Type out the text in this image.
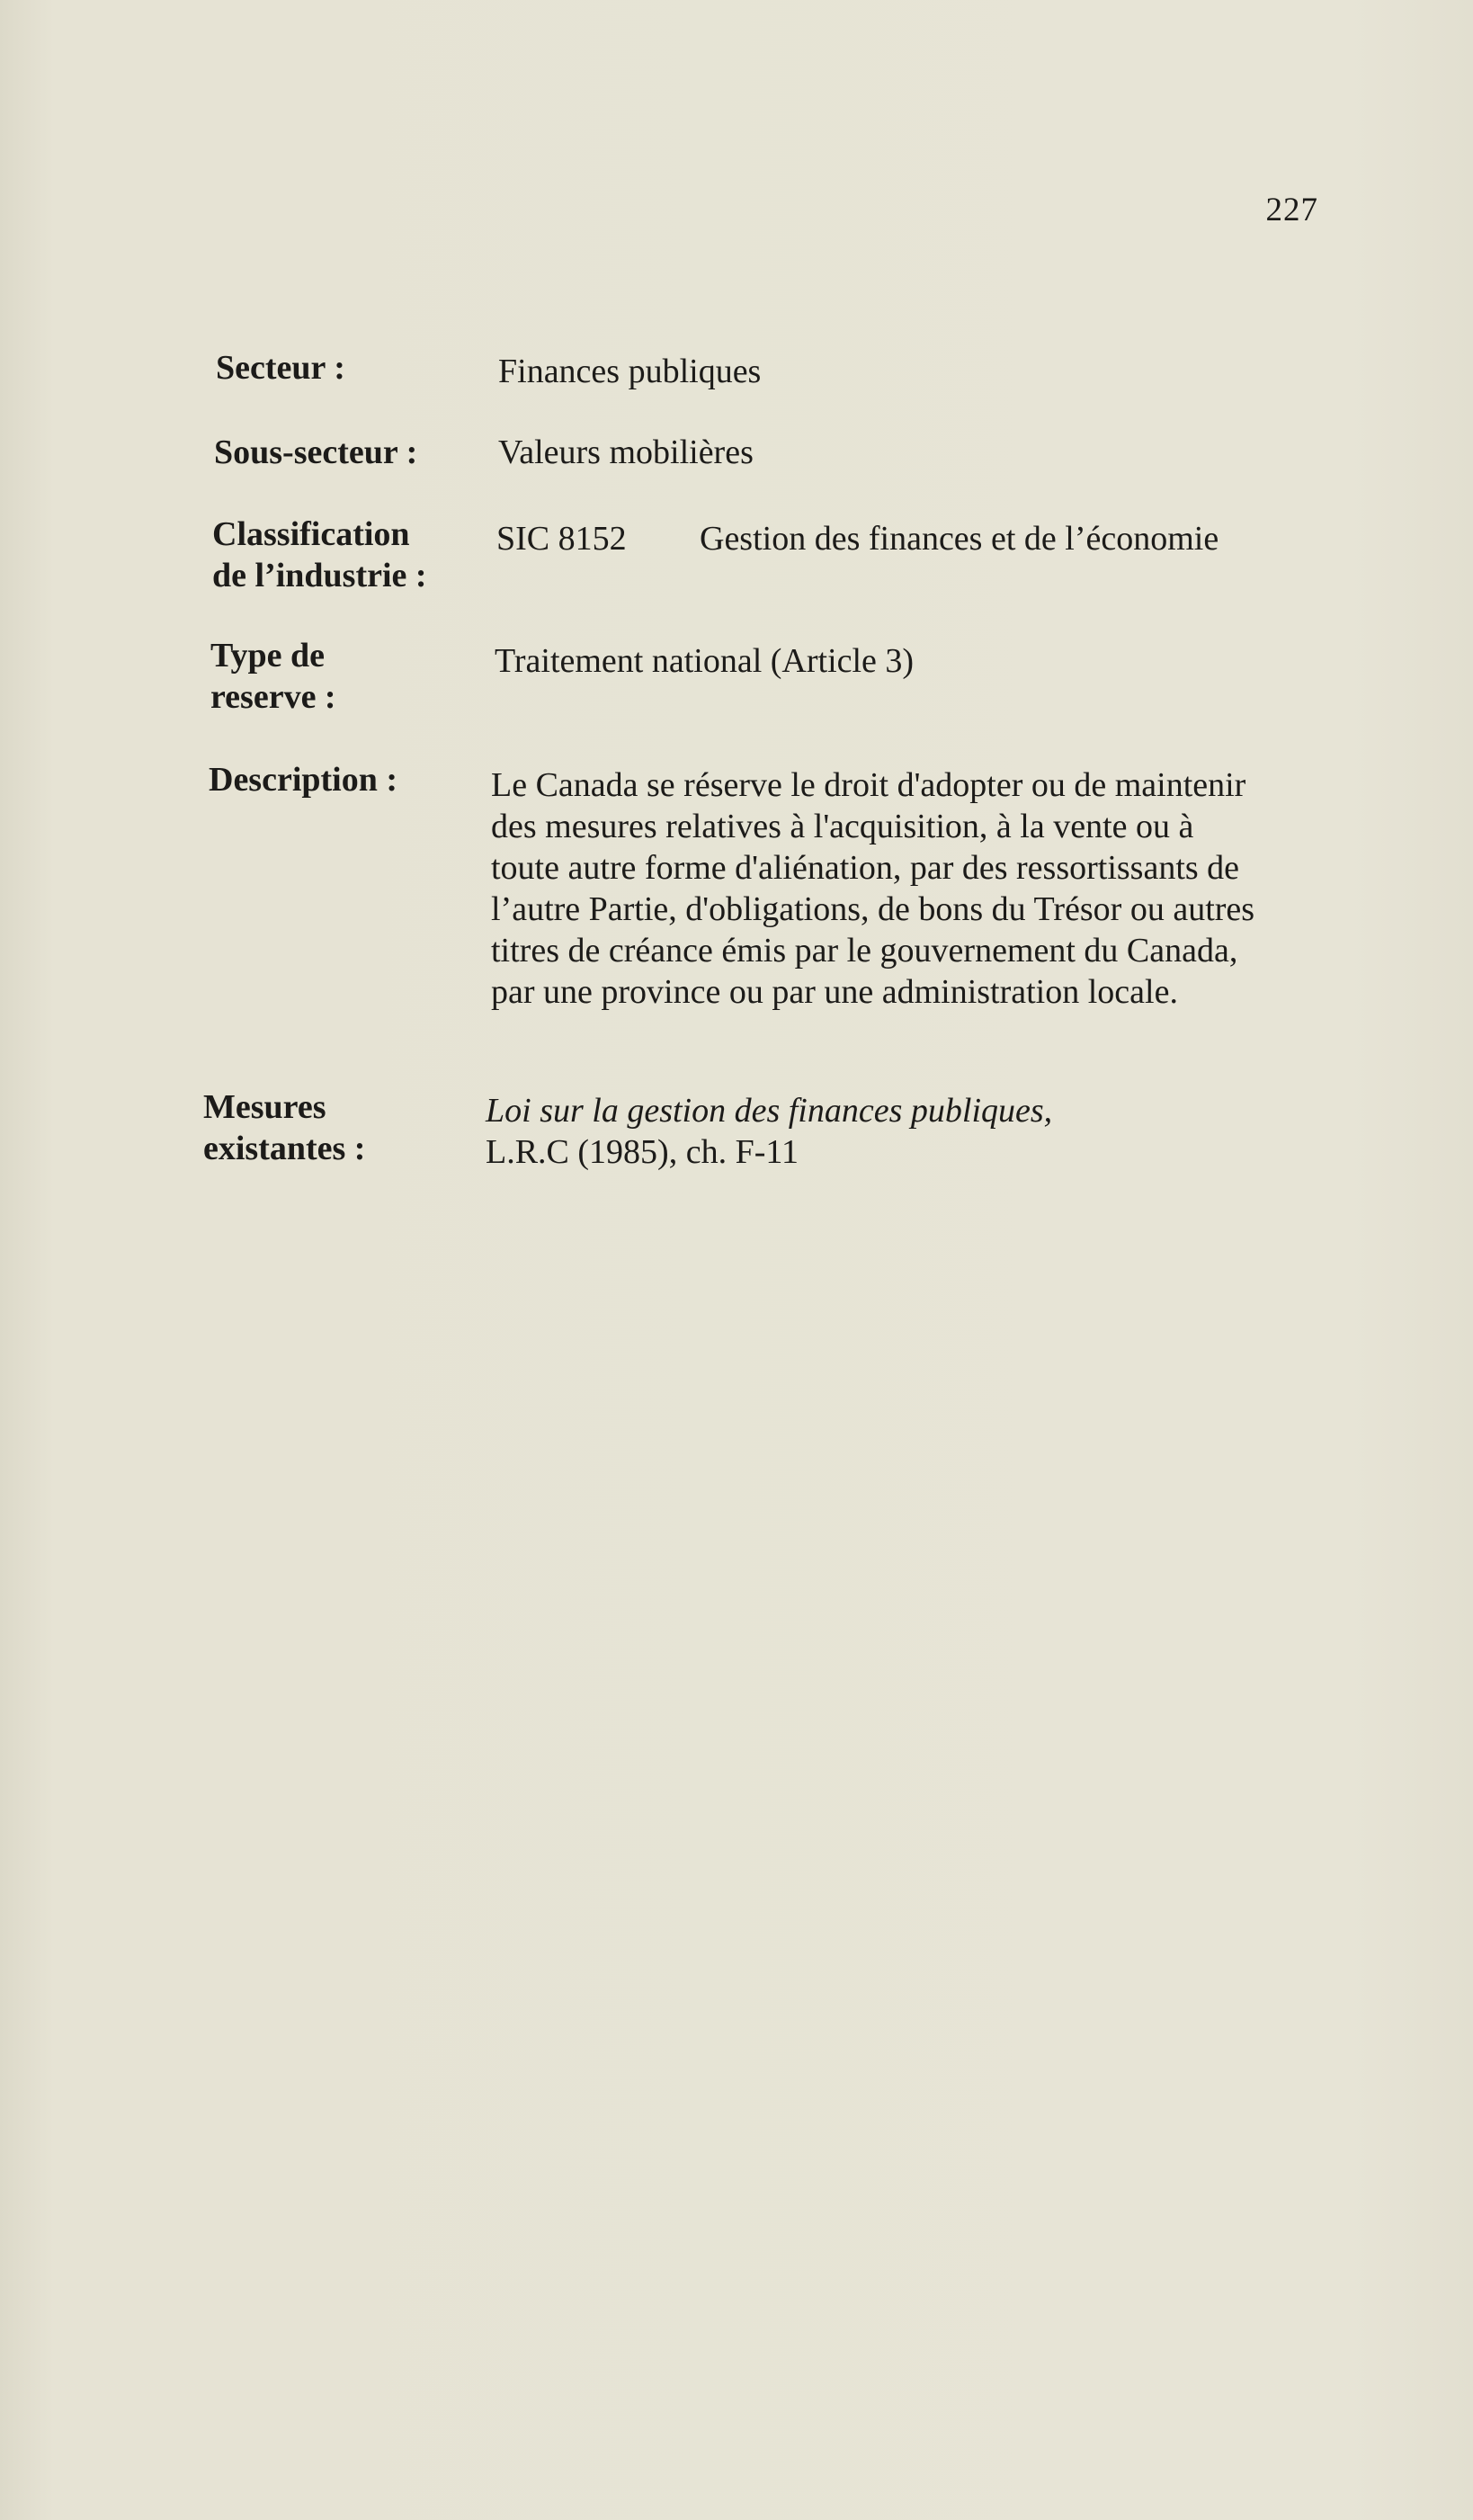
227
Secteur :	Finances publiques
Sous-secteur : Valeurs mobilières
Classification
de l’industrie :
SIC 8152 Gestion des finances et de l’économie
Type de
reserve :
Traitement national (Article 3)
Description :	Le Canada se réserve le droit d'adopter ou de maintenir des mesures relatives à l'acquisition, à la vente ou à toute autre forme d'aliénation, par des ressortissants de l’autre Partie, d'obligations, de bons du Trésor ou autres titres de créance émis par le gouvernement du Canada, par une province ou par une administration locale.
Mesures
existantes :
Loi sur la gestion des finances publiques,
L.R.C (1985), ch. F-11
